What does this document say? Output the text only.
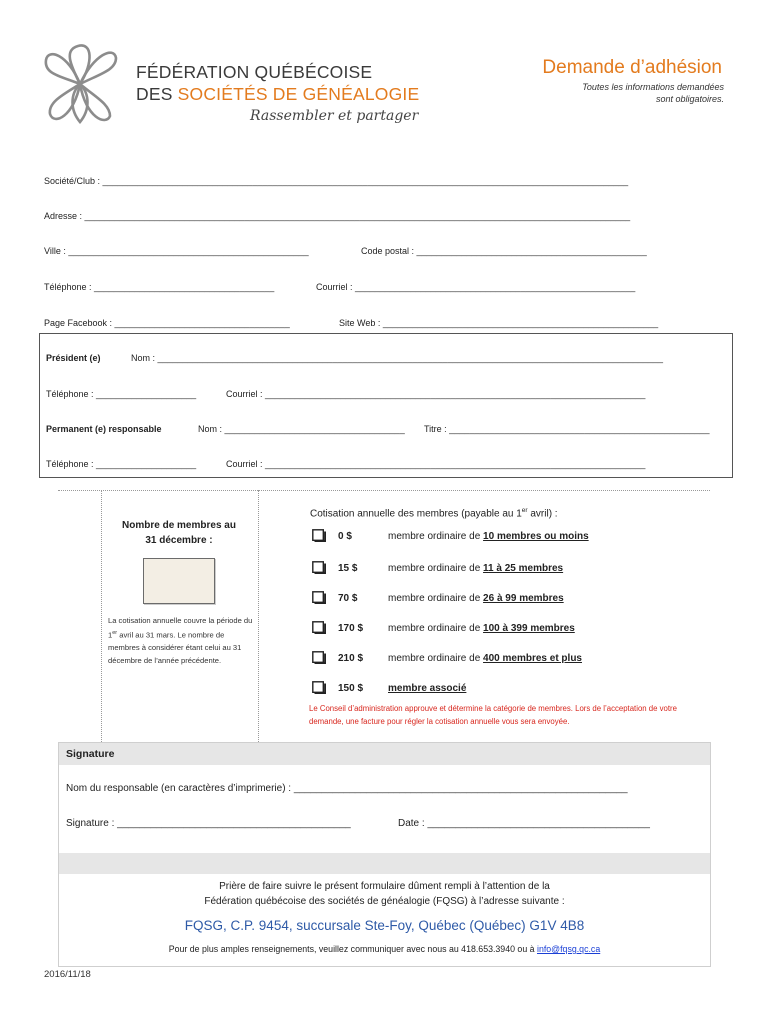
FÉDÉRATION QUÉBÉCOISE
DES SOCIÉTÉS DE GÉNÉALOGIE
Rassembler et partager
Demande d’adhésion
Toutes les informations demandées
sont obligatoires.
Société/Club : _________________________________________________________________________________________________________
Adresse : _____________________________________________________________________________________________________________
Ville : ________________________________________________	Code postal : ______________________________________________
Téléphone : ____________________________________	Courriel : ________________________________________________________
Page Facebook : ___________________________________	Site Web : _______________________________________________________
Président (e)	Nom : _____________________________________________________________________________________________________
Téléphone : ____________________	Courriel : ____________________________________________________________________________
Permanent (e) responsable	Nom : ____________________________________ Titre : ____________________________________________________
Téléphone : ____________________	Courriel : ____________________________________________________________________________
Nombre de membres au
31 décembre :
La cotisation annuelle couvre la période du 1er avril au 31 mars. Le nombre de membres à considérer étant celui au 31 décembre de l’année précédente.
Cotisation annuelle des membres (payable au 1er avril) :
0 $	membre ordinaire de 10 membres ou moins
15 $	membre ordinaire de 11 à 25 membres
70 $	membre ordinaire de 26 à 99 membres
170 $ membre ordinaire de 100 à 399 membres
210 $ membre ordinaire de 400 membres et plus
150 $ membre associé
Le Conseil d’administration approuve et détermine la catégorie de membres. Lors de l’acceptation de votre demande, une facture pour régler la cotisation annuelle vous sera envoyée.
Signature
Nom du responsable (en caractères d’imprimerie) : ____________________________________________________________
Signature : __________________________________________	Date : ________________________________________
Prière de faire suivre le présent formulaire dûment rempli à l’attention de la
Fédération québécoise des sociétés de généalogie (FQSG) à l’adresse suivante :
FQSG, C.P. 9454, succursale Ste-Foy, Québec (Québec) G1V 4B8
Pour de plus amples renseignements, veuillez communiquer avec nous au 418.653.3940 ou à info@fqsg.qc.ca
2016/11/18
